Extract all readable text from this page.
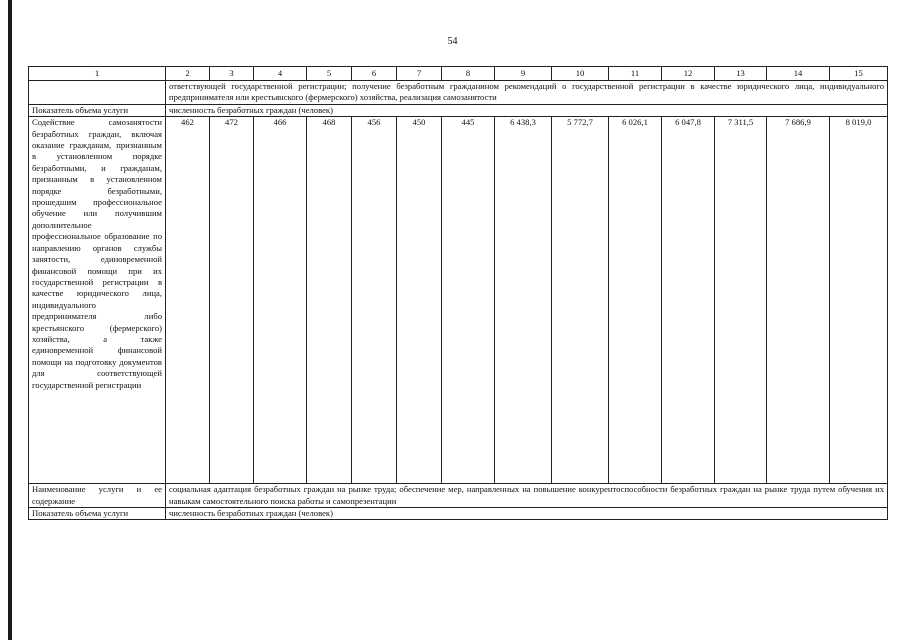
54
1	2	3	4	5	6	7	8	9	10	11	12	13	14	15
	ответствующей государственной регистрации; получение безработным гражданином рекомендаций о государственной регистрации в качестве юридического лица, индивидуального предпринимателя или крестьянского (фермерского) хозяйства, реализация самозанятости													
Показатель объема услуги	численность безработных граждан (человек)													
Содействие самозанятости безработных граждан, включая оказание гражданам, признанным в установленном порядке безработными, и гражданам, признанным в установленном порядке безработными, прошедшим профессиональное обучение или получившим дополнительное профессиональное образование по направлению органов службы занятости, единовременной финансовой помощи при их государственной регистрации в качестве юридического лица, индивидуального предпринимателя либо крестьянского (фермерского) хозяйства, а также единовременной финансовой помощи на подготовку документов для соответствующей государственной регистрации	462	472	466	468	456	450	445	6 438,3	5 772,7	6 026,1	6 047,8	7 311,5	7 686,9	8 019,0
Наименование услуги и ее содержание	социальная адаптация безработных граждан на рынке труда; обеспечение мер, направленных на повышение конкурентоспособности безработных граждан на рынке труда путем обучения их навыкам самостоятельного поиска работы и самопрезентации													
Показатель объема услуги	численность безработных граждан (человек)													
